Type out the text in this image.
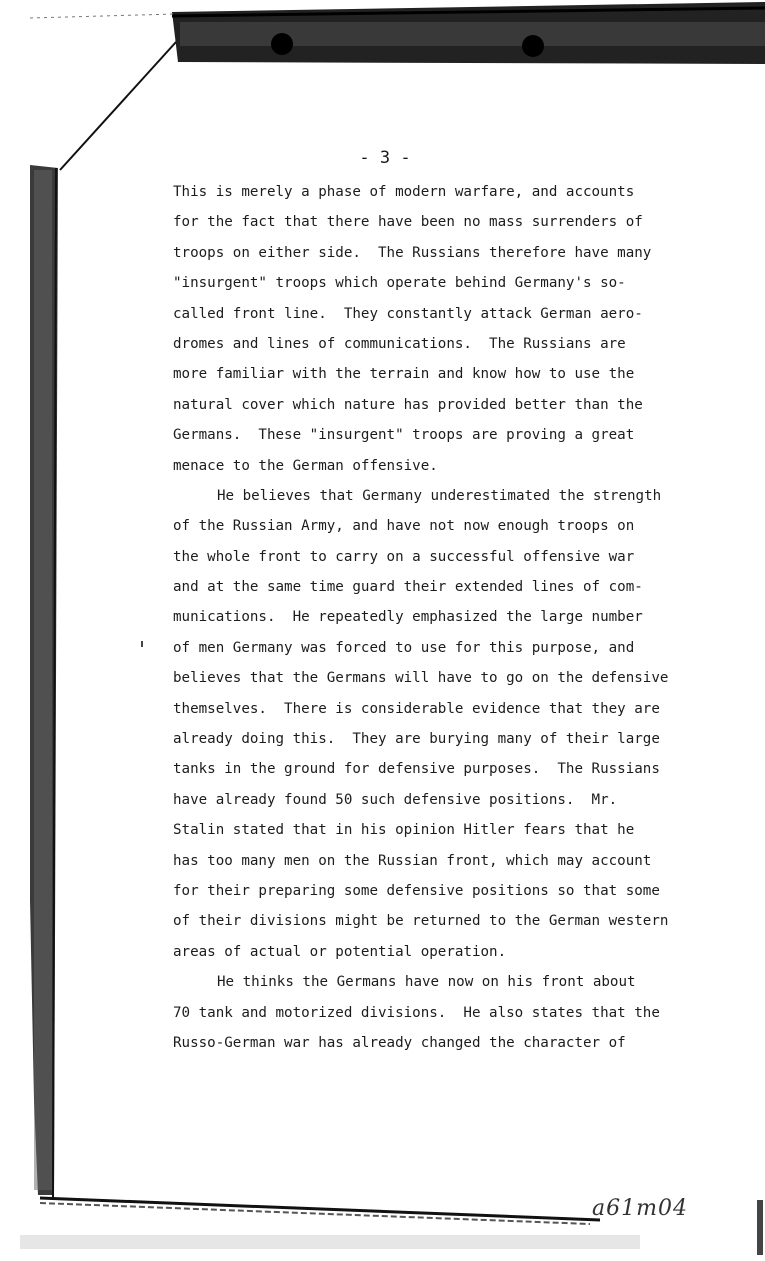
- 3 -
This is merely a phase of modern warfare, and accounts
for the fact that there have been no mass surrenders of
troops on either side.  The Russians therefore have many
"insurgent" troops which operate behind Germany's so-
called front line.  They constantly attack German aero-
dromes and lines of communications.  The Russians are
more familiar with the terrain and know how to use the
natural cover which nature has provided better than the
Germans.  These "insurgent" troops are proving a great
menace to the German offensive.
He believes that Germany underestimated the strength
of the Russian Army, and have not now enough troops on
the whole front to carry on a successful offensive war
and at the same time guard their extended lines of com-
munications.  He repeatedly emphasized the large number
of men Germany was forced to use for this purpose, and
believes that the Germans will have to go on the defensive
themselves.  There is considerable evidence that they are
already doing this.  They are burying many of their large
tanks in the ground for defensive purposes.  The Russians
have already found 50 such defensive positions.  Mr.
Stalin stated that in his opinion Hitler fears that he
has too many men on the Russian front, which may account
for their preparing some defensive positions so that some
of their divisions might be returned to the German western
areas of actual or potential operation.
He thinks the Germans have now on his front about
70 tank and motorized divisions.  He also states that the
Russo-German war has already changed the character of
a61m04
